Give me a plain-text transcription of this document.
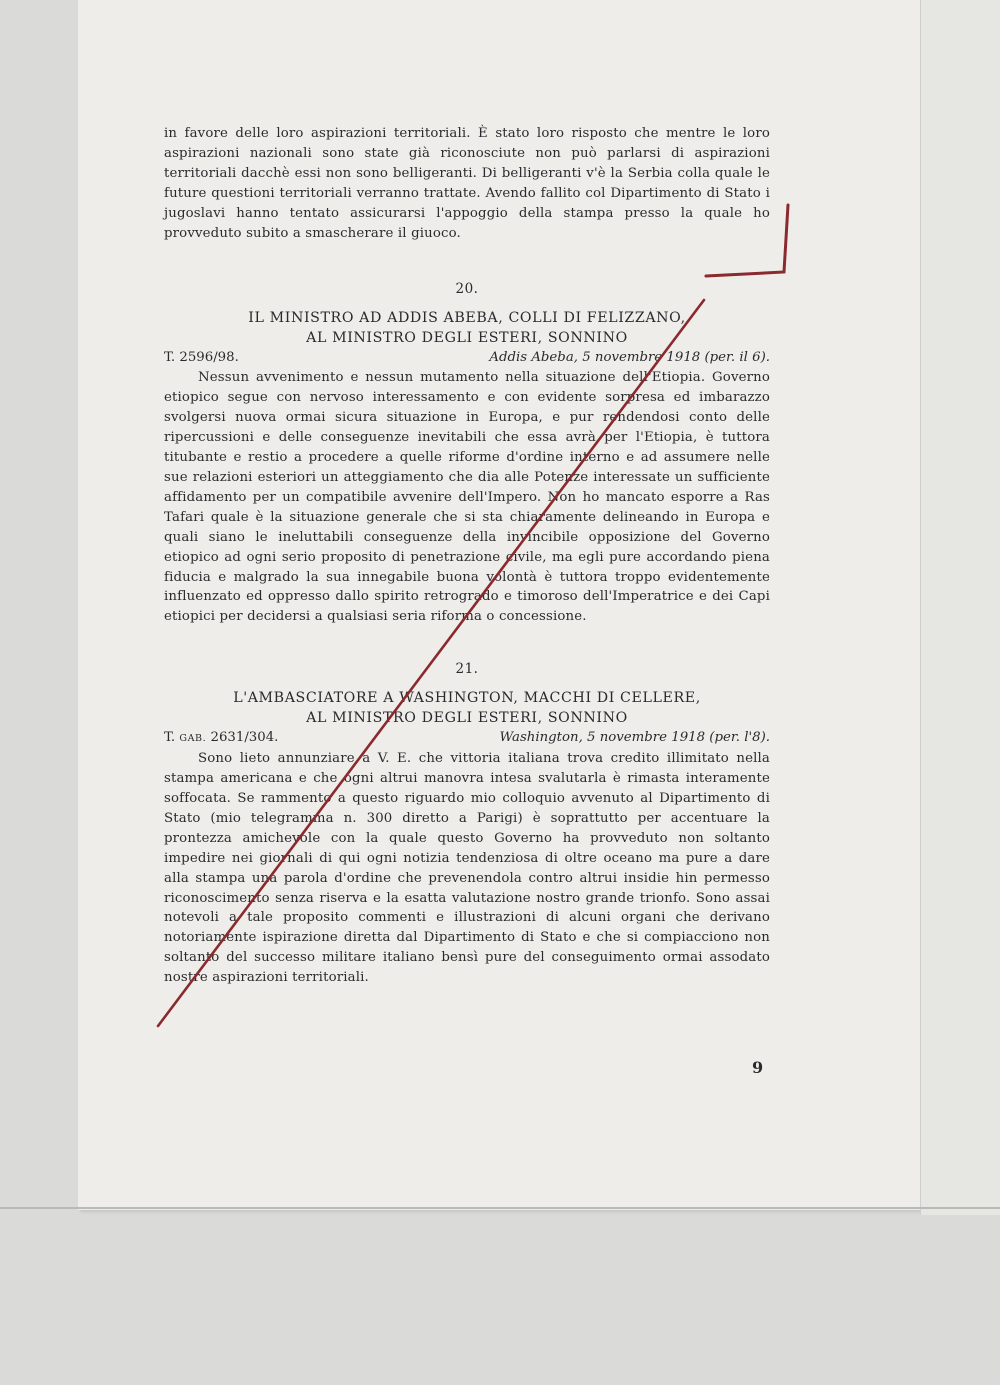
in favore delle loro aspirazioni territoriali. È stato loro risposto che mentre le loro aspirazioni nazionali sono state già riconosciute non può parlarsi di aspirazioni territoriali dacchè essi non sono belligeranti. Di belligeranti v'è la Serbia colla quale le future questioni territoriali verranno trattate. Avendo fallito col Dipartimento di Stato i jugoslavi hanno tentato assicurarsi l'appoggio della stampa presso la quale ho provveduto subito a smascherare il giuoco.

20.

IL MINISTRO AD ADDIS ABEBA, COLLI DI FELIZZANO,

AL MINISTRO DEGLI ESTERI, SONNINO

T. 2596/98.	Addis Abeba, 5 novembre 1918 (per. il 6).

Nessun avvenimento e nessun mutamento nella situazione dell'Etiopia. Governo etiopico segue con nervoso interessamento e con evidente sorpresa ed imbarazzo svolgersi nuova ormai sicura situazione in Europa, e pur rendendosi conto delle ripercussioni e delle conseguenze inevitabili che essa avrà per l'Etiopia, è tuttora titubante e restio a procedere a quelle riforme d'ordine interno e ad assumere nelle sue relazioni esteriori un atteggiamento che dia alle Potenze interessate un sufficiente affidamento per un compatibile avvenire dell'Impero. Non ho mancato esporre a Ras Tafari quale è la situazione generale che si sta chiaramente delineando in Europa e quali siano le ineluttabili conseguenze della invincibile opposizione del Governo etiopico ad ogni serio proposito di penetrazione civile, ma egli pure accordando piena fiducia e malgrado la sua innegabile buona volontà è tuttora troppo evidentemente influenzato ed oppresso dallo spirito retrogrado e timoroso dell'Imperatrice e dei Capi etiopici per decidersi a qualsiasi seria riforma o concessione.

21.

L'AMBASCIATORE A WASHINGTON, MACCHI DI CELLERE,

AL MINISTRO DEGLI ESTERI, SONNINO

T. GAB. 2631/304.	Washington, 5 novembre 1918 (per. l'8).

Sono lieto annunziare a V. E. che vittoria italiana trova credito illimitato nella stampa americana e che ogni altrui manovra intesa svalutarla è rimasta interamente soffocata. Se rammento a questo riguardo mio colloquio avvenuto al Dipartimento di Stato (mio telegramma n. 300 diretto a Parigi) è soprattutto per accentuare la prontezza amichevole con la quale questo Governo ha provveduto non soltanto impedire nei giornali di qui ogni notizia tendenziosa di oltre oceano ma pure a dare alla stampa una parola d'ordine che prevenendola contro altrui insidie hin permesso riconoscimento senza riserva e la esatta valutazione nostro grande trionfo. Sono assai notevoli a tale proposito commenti e illustrazioni di alcuni organi che derivano notoriamente ispirazione diretta dal Dipartimento di Stato e che si compiacciono non soltanto del successo militare italiano bensì pure del conseguimento ormai assodato nostre aspirazioni territoriali.

9
